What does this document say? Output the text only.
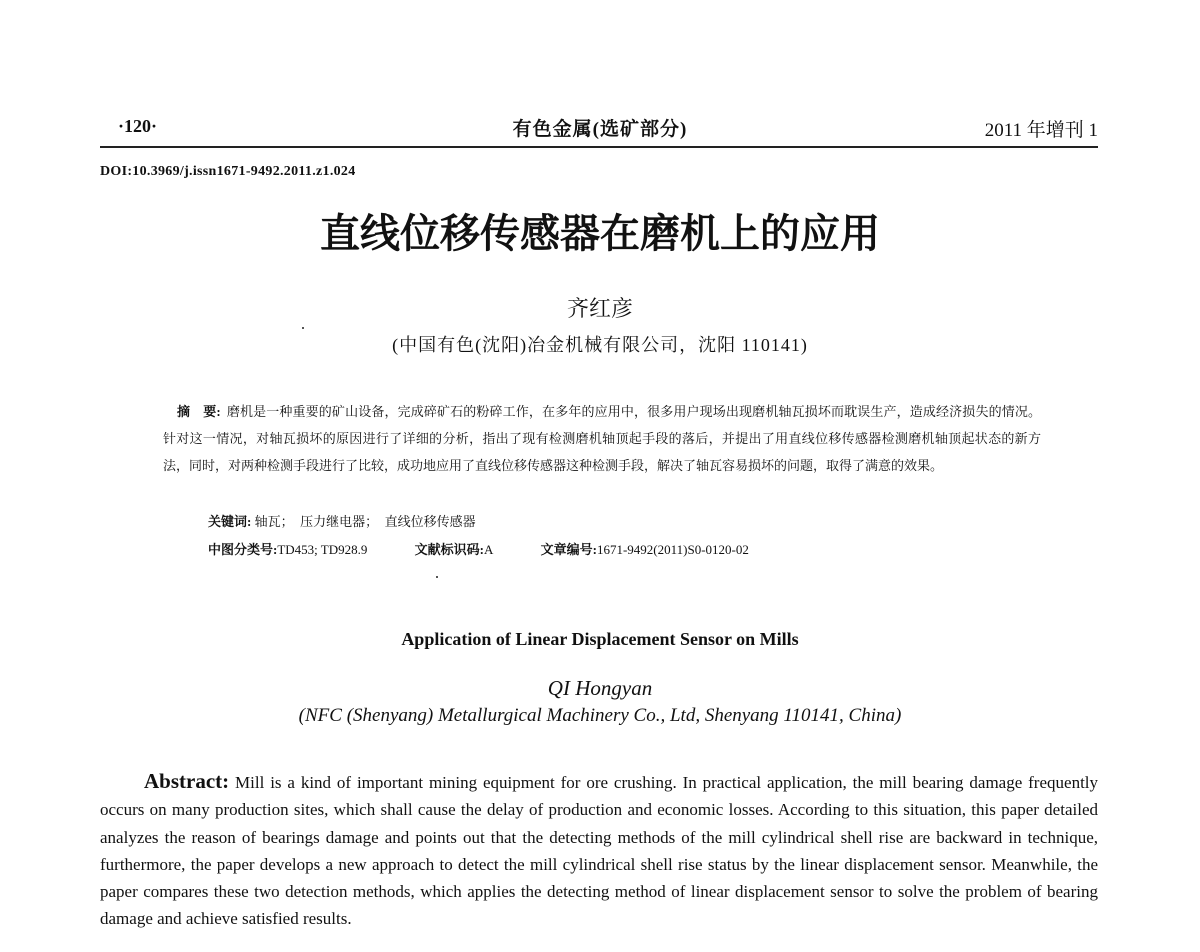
·120·	有色金属(选矿部分)	2011 年增刊 1
DOI:10.3969/j.issn1671-9492.2011.z1.024
直线位移传感器在磨机上的应用
齐红彦
(中国有色(沈阳)冶金机械有限公司，沈阳 110141)
摘　要: 磨机是一种重要的矿山设备，完成碎矿石的粉碎工作，在多年的应用中，很多用户现场出现磨机轴瓦损坏而耽误生产，造成经济损失的情况。针对这一情况，对轴瓦损坏的原因进行了详细的分析，指出了现有检测磨机轴顶起手段的落后，并提出了用直线位移传感器检测磨机轴顶起状态的新方法，同时，对两种检测手段进行了比较，成功地应用了直线位移传感器这种检测手段，解决了轴瓦容易损坏的问题，取得了满意的效果。
关键词: 轴瓦；　压力继电器；　直线位移传感器
中图分类号:TD453; TD928.9	文献标识码:A	文章编号:1671-9492(2011)S0-0120-02
Application of Linear Displacement Sensor on Mills
QI Hongyan
(NFC (Shenyang) Metallurgical Machinery Co., Ltd, Shenyang 110141, China)
Abstract: Mill is a kind of important mining equipment for ore crushing. In practical application, the mill bearing damage frequently occurs on many production sites, which shall cause the delay of production and economic losses. According to this situation, this paper detailed analyzes the reason of bearings damage and points out that the detecting methods of the mill cylindrical shell rise are backward in technique, furthermore, the paper develops a new approach to detect the mill cylindrical shell rise status by the linear displacement sensor. Meanwhile, the paper compares these two detection methods, which applies the detecting method of linear displacement sensor to solve the problem of bearing damage and achieve satisfied results.
